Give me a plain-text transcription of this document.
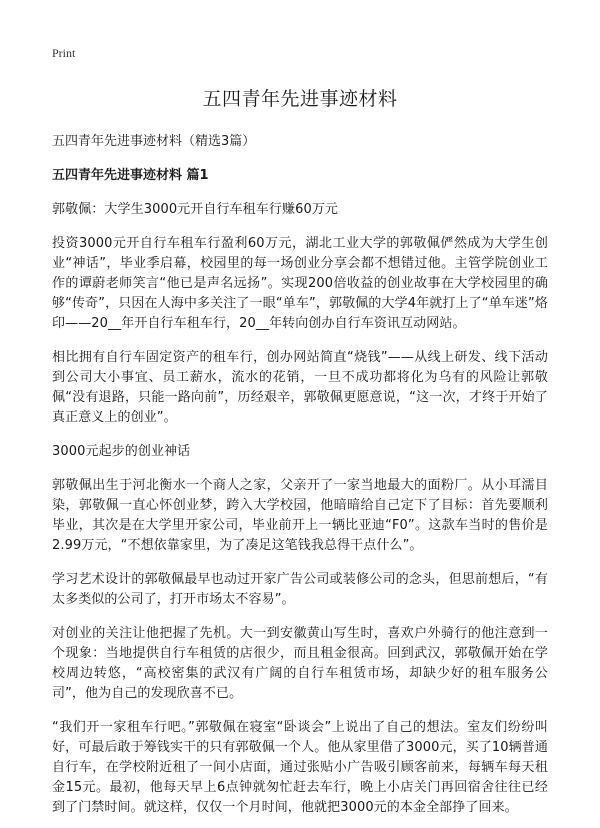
Print
五四青年先进事迹材料

五四青年先进事迹材料（精选3篇）

五四青年先进事迹材料 篇1

郭敬佩：大学生3000元开自行车租车行赚60万元

投资3000元开自行车租车行盈利60万元，湖北工业大学的郭敬佩俨然成为大学生创业“神话”，毕业季启幕，校园里的每一场创业分享会都不想错过他。主管学院创业工作的谭蔚老师笑言“他已是声名远扬”。实现200倍收益的创业故事在大学校园里的确够“传奇”，只因在人海中多关注了一眼“单车”，郭敬佩的大学4年就打上了“单车迷”烙印——20__年开自行车租车行，20__年转向创办自行车资讯互动网站。

相比拥有自行车固定资产的租车行，创办网站简直“烧钱”——从线上研发、线下活动到公司大小事宜、员工薪水，流水的花销，一旦不成功都将化为乌有的风险让郭敬佩“没有退路，只能一路向前”，历经艰辛，郭敬佩更愿意说，“这一次，才终于开始了真正意义上的创业”。

3000元起步的创业神话

郭敬佩出生于河北衡水一个商人之家，父亲开了一家当地最大的面粉厂。从小耳濡目染，郭敬佩一直心怀创业梦，跨入大学校园，他暗暗给自己定下了目标：首先要顺利毕业，其次是在大学里开家公司，毕业前开上一辆比亚迪“F0”。这款车当时的售价是2.99万元，“不想依靠家里，为了凑足这笔钱我总得干点什么”。

学习艺术设计的郭敬佩最早也动过开家广告公司或装修公司的念头，但思前想后，“有太多类似的公司了，打开市场太不容易”。

对创业的关注让他把握了先机。大一到安徽黄山写生时，喜欢户外骑行的他注意到一个现象：当地提供自行车租赁的店很少，而且租金很高。回到武汉，郭敬佩开始在学校周边转悠，“高校密集的武汉有广阔的自行车租赁市场，却缺少好的租车服务公司”，他为自己的发现欣喜不已。

“我们开一家租车行吧。”郭敬佩在寝室“卧谈会”上说出了自己的想法。室友们纷纷叫好，可最后敢于筹钱实干的只有郭敬佩一个人。他从家里借了3000元，买了10辆普通自行车，在学校附近租了一间小店面，通过张贴小广告吸引顾客前来，每辆车每天租金15元。最初，他每天早上6点钟就匆忙赶去车行，晚上小店关门再回宿舍往往已经到了门禁时间。就这样，仅仅一个月时间，他就把3000元的本金全部挣了回来。
